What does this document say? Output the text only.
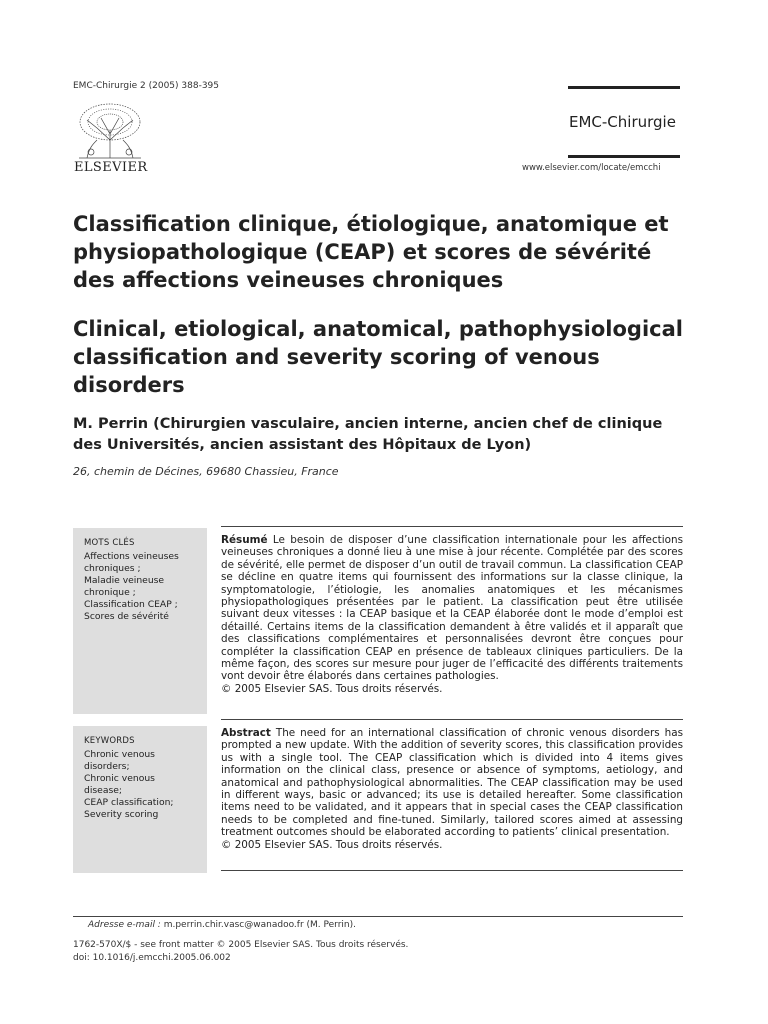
EMC-Chirurgie 2 (2005) 388-395
ELSEVIER
EMC-Chirurgie
www.elsevier.com/locate/emcchi
Classification clinique, étiologique, anatomique et physiopathologique (CEAP) et scores de sévérité des affections veineuses chroniques
Clinical, etiological, anatomical, pathophysiological classification and severity scoring of venous disorders
M. Perrin (Chirurgien vasculaire, ancien interne, ancien chef de clinique des Universités, ancien assistant des Hôpitaux de Lyon)
26, chemin de Décines, 69680 Chassieu, France
MOTS CLÉS
Affections veineuses
chroniques ;
Maladie veineuse
chronique ;
Classification CEAP ;
Scores de sévérité
KEYWORDS
Chronic venous
disorders;
Chronic venous
disease;
CEAP classification;
Severity scoring
Résumé Le besoin de disposer d’une classification internationale pour les affections veineuses chroniques a donné lieu à une mise à jour récente. Complétée par des scores de sévérité, elle permet de disposer d’un outil de travail commun. La classification CEAP se décline en quatre items qui fournissent des informations sur la classe clinique, la symptomatologie, l’étiologie, les anomalies anatomiques et les mécanismes physiopathologiques présentées par le patient. La classification peut être utilisée suivant deux vitesses : la CEAP basique et la CEAP élaborée dont le mode d’emploi est détaillé. Certains items de la classification demandent à être validés et il apparaît que des classifications complémentaires et personnalisées devront être conçues pour compléter la classification CEAP en présence de tableaux cliniques particuliers. De la même façon, des scores sur mesure pour juger de l’efficacité des différents traitements vont devoir être élaborés dans certaines pathologies.
© 2005 Elsevier SAS. Tous droits réservés.
Abstract The need for an international classification of chronic venous disorders has prompted a new update. With the addition of severity scores, this classification provides us with a single tool. The CEAP classification which is divided into 4 items gives information on the clinical class, presence or absence of symptoms, aetiology, and anatomical and pathophysiological abnormalities. The CEAP classification may be used in different ways, basic or advanced; its use is detailed hereafter. Some classification items need to be validated, and it appears that in special cases the CEAP classification needs to be completed and fine-tuned. Similarly, tailored scores aimed at assessing treatment outcomes should be elaborated according to patients’ clinical presentation.
© 2005 Elsevier SAS. Tous droits réservés.
Adresse e-mail : m.perrin.chir.vasc@wanadoo.fr (M. Perrin).
1762-570X/$ - see front matter © 2005 Elsevier SAS. Tous droits réservés.
doi: 10.1016/j.emcchi.2005.06.002
